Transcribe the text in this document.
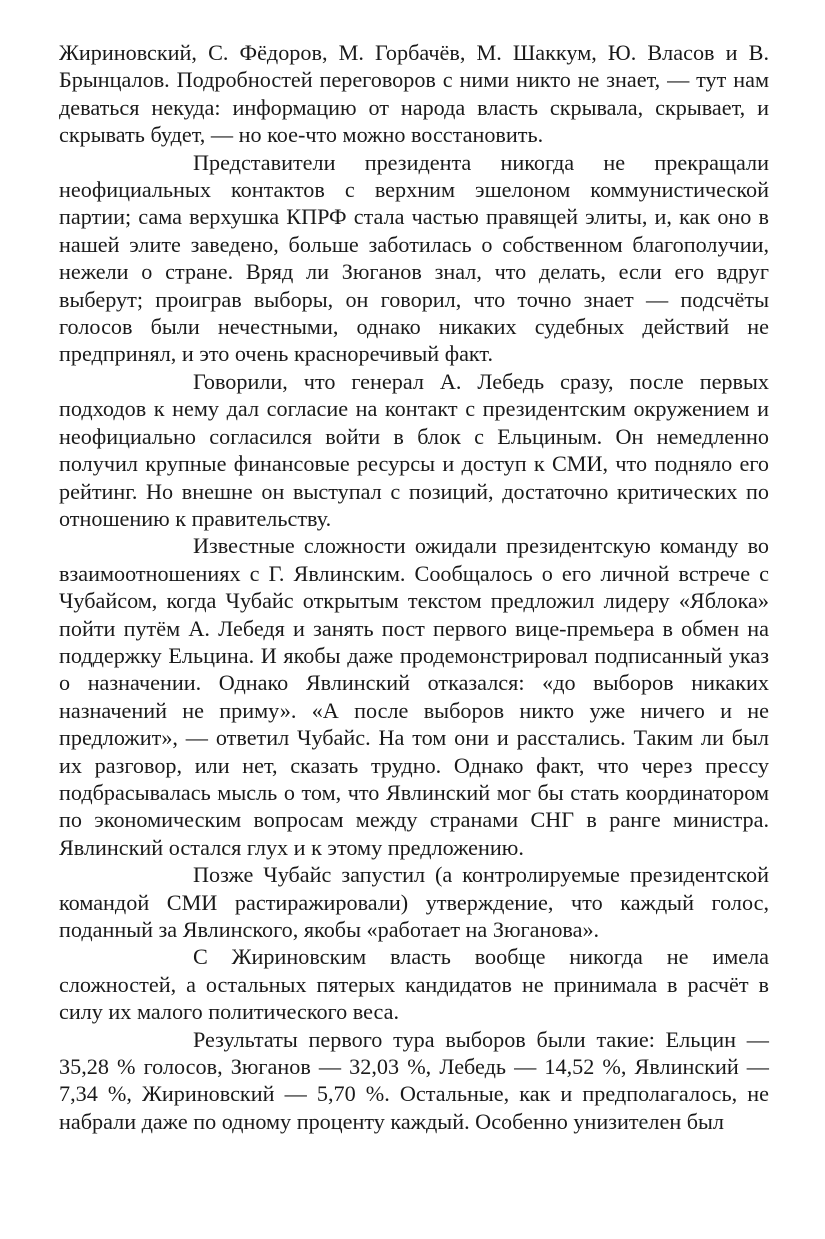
Жириновский, С. Фёдоров, М. Горбачёв, М. Шаккум, Ю. Власов и В. Брынцалов. Подробностей переговоров с ними никто не знает, — тут нам деваться некуда: информацию от народа власть скрывала, скрывает, и скрывать будет, — но кое-что можно восстановить.

Представители президента никогда не прекращали неофициальных контактов с верхним эшелоном коммунистической партии; сама верхушка КПРФ стала частью правящей элиты, и, как оно в нашей элите заведено, больше заботилась о собственном благополучии, нежели о стране. Вряд ли Зюганов знал, что делать, если его вдруг выберут; проиграв выборы, он говорил, что точно знает — подсчёты голосов были нечестными, однако никаких судебных действий не предпринял, и это очень красноречивый факт.

Говорили, что генерал А. Лебедь сразу, после первых подходов к нему дал согласие на контакт с президентским окружением и неофициально согласился войти в блок с Ельциным. Он немедленно получил крупные финансовые ресурсы и доступ к СМИ, что подняло его рейтинг. Но внешне он выступал с позиций, достаточно критических по отношению к правительству.

Известные сложности ожидали президентскую команду во взаимоотношениях с Г. Явлинским. Сообщалось о его личной встрече с Чубайсом, когда Чубайс открытым текстом предложил лидеру «Яблока» пойти путём А. Лебедя и занять пост первого вице-премьера в обмен на поддержку Ельцина. И якобы даже продемонстрировал подписанный указ о назначении. Однако Явлинский отказался: «до выборов никаких назначений не приму». «А после выборов никто уже ничего и не предложит», — ответил Чубайс. На том они и расстались. Таким ли был их разговор, или нет, сказать трудно. Однако факт, что через прессу подбрасывалась мысль о том, что Явлинский мог бы стать координатором по экономическим вопросам между странами СНГ в ранге министра. Явлинский остался глух и к этому предложению.

Позже Чубайс запустил (а контролируемые президентской командой СМИ растиражировали) утверждение, что каждый голос, поданный за Явлинского, якобы «работает на Зюганова».

С Жириновским власть вообще никогда не имела сложностей, а остальных пятерых кандидатов не принимала в расчёт в силу их малого политического веса.

Результаты первого тура выборов были такие: Ельцин — 35,28 % голосов, Зюганов — 32,03 %, Лебедь — 14,52 %, Явлинский — 7,34 %, Жириновский — 5,70 %. Остальные, как и предполагалось, не набрали даже по одному проценту каждый. Особенно унизителен был
